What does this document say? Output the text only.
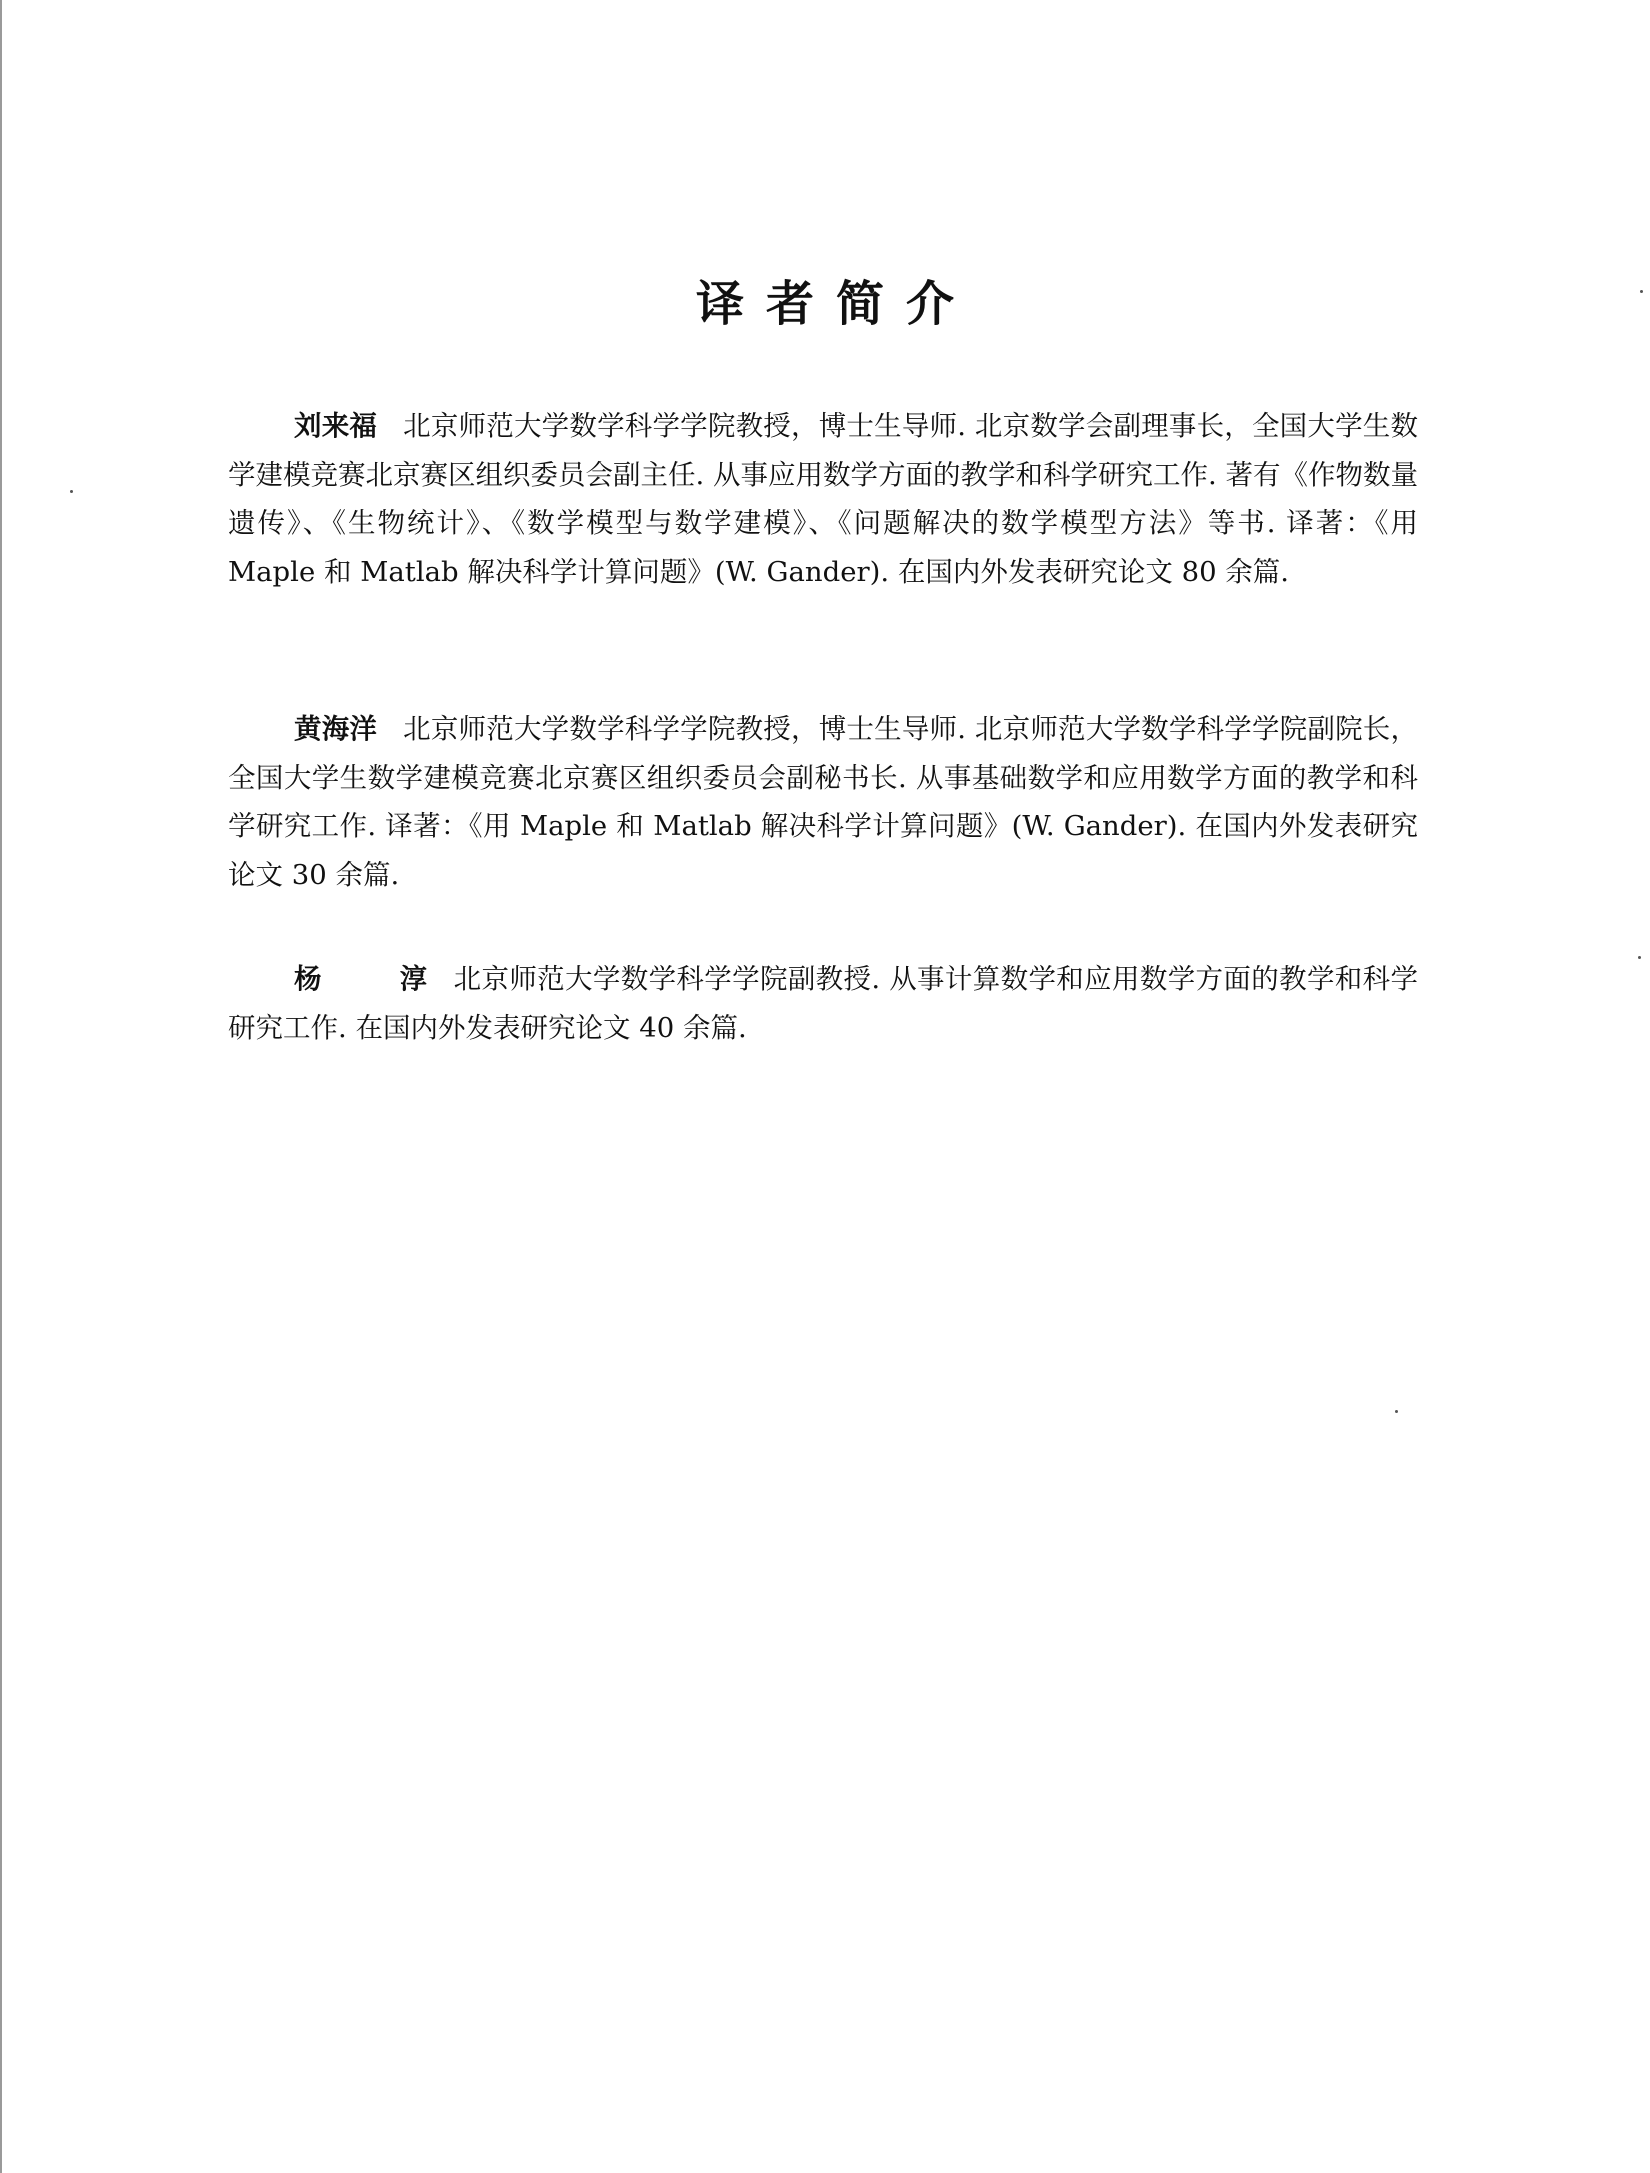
译者简介

刘来福 北京师范大学数学科学学院教授，博士生导师. 北京数学会副理事长，全国大学生数学建模竞赛北京赛区组织委员会副主任. 从事应用数学方面的教学和科学研究工作. 著有《作物数量遗传》、《生物统计》、《数学模型与数学建模》、《问题解决的数学模型方法》等书. 译著：《用 Maple 和 Matlab 解决科学计算问题》(W. Gander). 在国内外发表研究论文 80 余篇.

黄海洋 北京师范大学数学科学学院教授，博士生导师. 北京师范大学数学科学学院副院长，全国大学生数学建模竞赛北京赛区组织委员会副秘书长. 从事基础数学和应用数学方面的教学和科学研究工作. 译著：《用 Maple 和 Matlab 解决科学计算问题》(W. Gander). 在国内外发表研究论文 30 余篇.

杨 淳北京师范大学数学科学学院副教授. 从事计算数学和应用数学方面的教学和科学研究工作. 在国内外发表研究论文 40 余篇.
